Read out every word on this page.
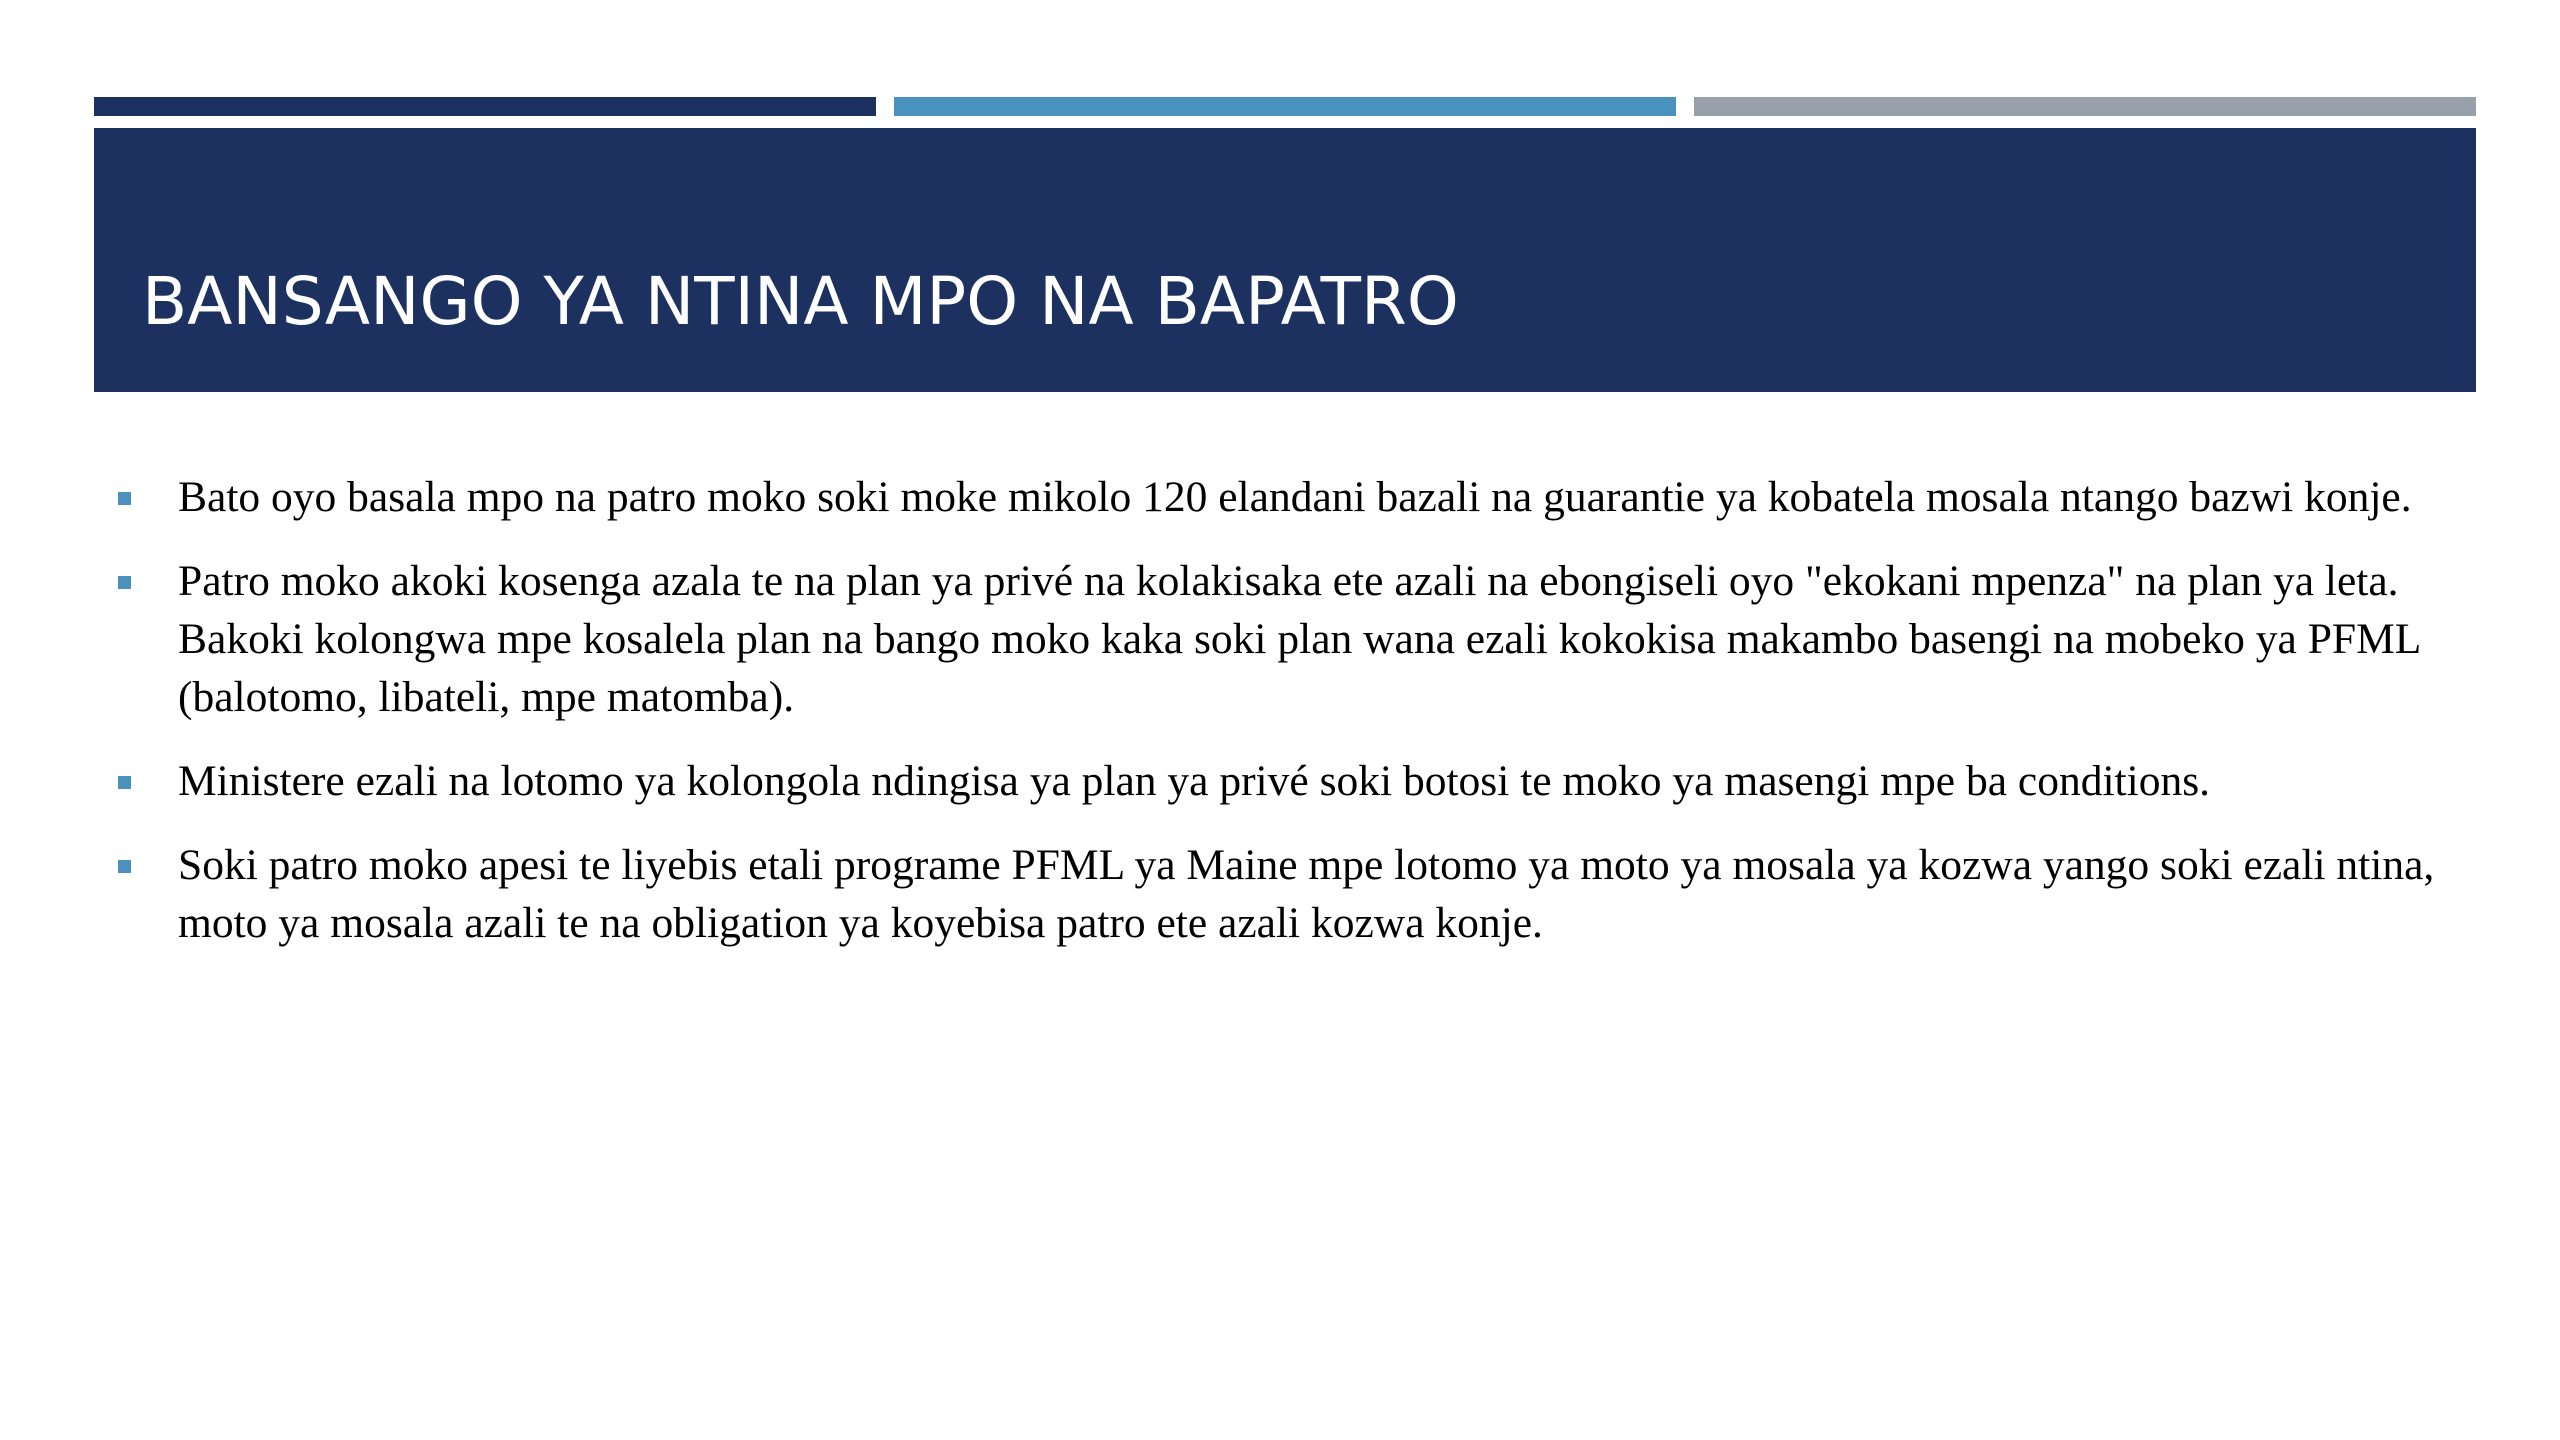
BANSANGO YA NTINA MPO NA BAPATRO
Bato oyo basala mpo na patro moko soki moke mikolo 120 elandani bazali na guarantie ya kobatela mosala ntango bazwi konje.
Patro moko akoki kosenga azala te na plan ya privé na kolakisaka ete azali na ebongiseli oyo "ekokani mpenza" na plan ya leta. Bakoki kolongwa mpe kosalela plan na bango moko kaka soki plan wana ezali kokokisa makambo basengi na mobeko ya PFML (balotomo, libateli, mpe matomba).
Ministere ezali na lotomo ya kolongola ndingisa ya plan ya privé soki botosi te moko ya masengi mpe ba conditions.
Soki patro moko apesi te liyebis etali programe PFML ya Maine mpe lotomo ya moto ya mosala ya kozwa yango soki ezali ntina, moto ya mosala azali te na obligation ya koyebisa patro ete azali kozwa konje.
